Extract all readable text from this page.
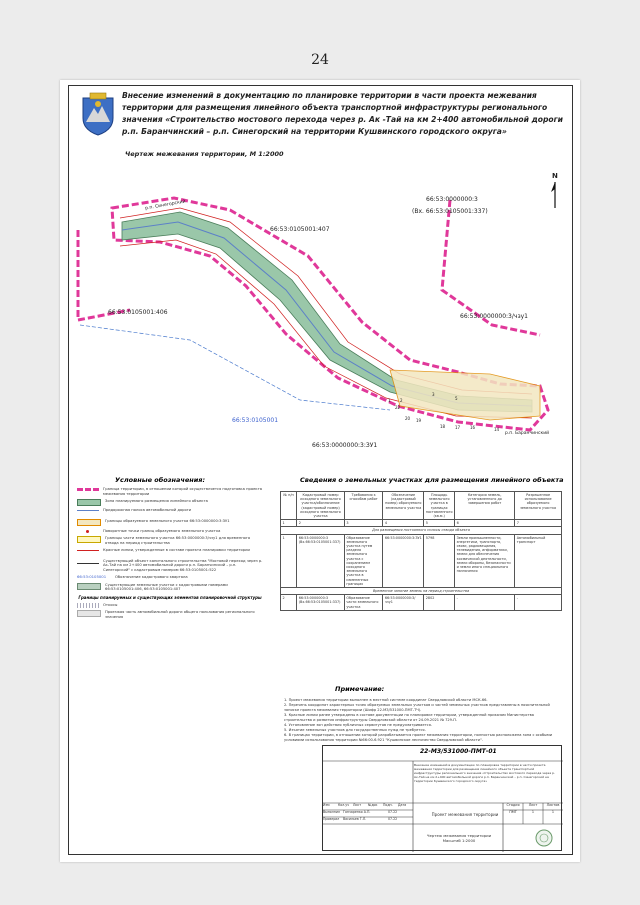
24
Внесение изменений в документацию по планировке территории в части проекта межевания территории для размещения линейного объекта транспортной инфраструктуры регионального значения «Строительство мостового перехода через р. Ак -Тай на км 2+400 автомобильной дороги р.п. Баранчинский – р.п. Синегорский на территории Кушвинского городского округа»
Чертеж межевания территории, М 1:2000
N
66:53:0000000:3
(Вх. 66:53:0105001:337)
66:53:0105001:407
66:53:0105001:406
66:53:0000000:3/чзу1
66:53:0105001
66:53:0000000:3:ЗУ1
р.п. Синегорский
р.п. Баранчинский
1
22
2
3
5
20 19
18 17 16	14
Условные обозначения:
Граница территории, в отношении которой осуществляется подготовка проекта межевания территории
Зона планируемого размещения линейного объекта
Придорожная полоса автомобильной дороги
Границы образуемого земельного участка 66:53:0000000:3:ЗУ1
Поворотные точки границ образуемого земельного участка
Границы части земельного участка 66:53:0000000:3/чзу1 для временного отвода на период строительства
Красные линии, утвержденные в составе проекта планировки территории
Существующий объект капитального строительства "Мостовой переход через р. Ак-Тай на км 2+400 автомобильной дороги р.п. Баранчинский – р.п. Синегорский" с кадастровым номером 66:53:0105001:522
66:53:0105001	Обозначение кадастрового квартала
Существующие земельные участки с кадастровыми номерами 66:53:0105001:406, 66:53:0105001:407
Границы планируемых и существующих элементов планировочной структуры
Откосы
Проезжая часть автомобильной дороги общего пользования регионального значения
Сведения о земельных участках для размещения линейного объекта
№ п/п	Кадастровый номер исходного земельного участка/обозначение (кадастровый номер) исходного земельного участка	Требования к способам работ	Обозначение (кадастровый номер) образуемого земельного участка	Площадь земельного участка в границах поставленного (кв.м.)	Категория земель, установленного до завершения работ	Разрешенное использование образуемого земельного участка
1	2	3	4	5	6	7
Для размещения постоянного полосы отвода объекта						
1	66:53:0000000:3 (Вх.66:53:0105001:337)	Образование земельного участка путем раздела земельного участка с сохранением исходного земельного участка в измененных границах	66:53:0000000:3:ЗУ1	5798	Земли промышленности, энергетики, транспорта, связи, радиовещания, телевидения, информатики, земли для обеспечения космической деятельности, земли обороны, безопасности и земли иного специального назначения	Автомобильный транспорт
Временное занятие земель на период строительства						
2	66:53:0000000:3 (Вх.66:53:0105001:337)	Образование части земельного участка	66:53:0000000:3/чзу1	2802	-	-
Примечание:
1. Проект межевания территории выполнен в местной системе координат Свердловской области МСК-66.
2. Перечень координат характерных точек образуемых земельных участков и частей земельных участков представлены в пояснительной записке проекта межевания территории (Шифр 22-МЗ/531000-ПМТ-ТЧ).
3. Красные линии ранее утверждены в составе документации по планировке территории, утвержденной приказом Министерства строительства и развития инфраструктуры Свердловской области от 24.09.2021 № 729-П.
4. Установление зон действия публичных сервитутов не предусматривается.
5. Изъятие земельных участков для государственных нужд не требуется.
6. В границах территории, в отношении которой разрабатывается проект межевания территории, полностью расположена зона с особыми условиями использования территории №66:00-6.921 "Кушвинское лесничество Свердловской области".
22-МЗ/531000-ПМТ-01
Внесение изменений в документацию по планировке территории в части проекта межевания территории для размещения линейного объекта транспортной инфраструктуры регионального значения «Строительство мостового перехода через р. Ак-Тай на км 2+400 автомобильной дороги р.п. Баранчинский – р.п. Синегорский на территории Кушвинского городского округа»
Изм	Кол.уч	Лист	№док	Подп.	Дата
Выполнил Гончаренко А.П.	07.22
Проверил	Васильев Г.Л.	07.22
Проект межевания территории
Стадия	Лист	Листов
ПМТ	1	1
Чертеж межевания территории
Масштаб 1:2000
